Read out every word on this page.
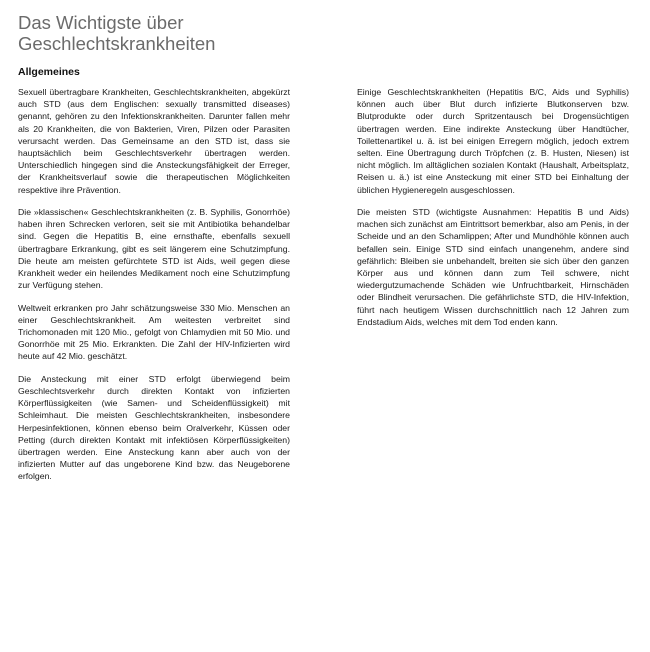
Das Wichtigste über
Geschlechtskrankheiten
Allgemeines

Sexuell übertragbare Krankheiten, Geschlechtskrankheiten, abgekürzt auch STD (aus dem Englischen: sexually transmitted diseases) genannt, gehören zu den Infektionskrankheiten. Darunter fallen mehr als 20 Krankheiten, die von Bakterien, Viren, Pilzen oder Parasiten verursacht werden. Das Gemeinsame an den STD ist, dass sie hauptsächlich beim Geschlechtsverkehr übertragen werden. Unterschiedlich hingegen sind die Ansteckungsfähigkeit der Erreger, der Krankheitsverlauf sowie die therapeutischen Möglichkeiten respektive ihre Prävention.

Die »klassischen« Geschlechtskrankheiten (z. B. Syphilis, Gonorrhöe) haben ihren Schrecken verloren, seit sie mit Antibiotika behandelbar sind. Gegen die Hepatitis B, eine ernsthafte, ebenfalls sexuell übertragbare Erkrankung, gibt es seit längerem eine Schutzimpfung. Die heute am meisten gefürchtete STD ist Aids, weil gegen diese Krankheit weder ein heilendes Medikament noch eine Schutzimpfung zur Verfügung stehen.

Weltweit erkranken pro Jahr schätzungsweise 330 Mio. Menschen an einer Geschlechtskrankheit. Am weitesten verbreitet sind Trichomonaden mit 120 Mio., gefolgt von Chlamydien mit 50 Mio. und Gonorrhöe mit 25 Mio. Erkrankten. Die Zahl der HIV-Infizierten wird heute auf 42 Mio. geschätzt.

Die Ansteckung mit einer STD erfolgt überwiegend beim Geschlechtsverkehr durch direkten Kontakt von infizierten Körperflüssigkeiten (wie Samen- und Scheidenflüssigkeit) mit Schleimhaut. Die meisten Geschlechtskrankheiten, insbesondere Herpesinfektionen, können ebenso beim Oralverkehr, Küssen oder Petting (durch direkten Kontakt mit infektiösen Körperflüssigkeiten) übertragen werden. Eine Ansteckung kann aber auch von der infizierten Mutter auf das ungeborene Kind bzw. das Neugeborene erfolgen.

Einige Geschlechtskrankheiten (Hepatitis B/C, Aids und Syphilis) können auch über Blut durch infizierte Blutkonserven bzw. Blutprodukte oder durch Spritzentausch bei Drogensüchtigen übertragen werden. Eine indirekte Ansteckung über Handtücher, Toilettenartikel u. ä. ist bei einigen Erregern möglich, jedoch extrem selten. Eine Übertragung durch Tröpfchen (z. B. Husten, Niesen) ist nicht möglich. Im alltäglichen sozialen Kontakt (Haushalt, Arbeitsplatz, Reisen u. ä.) ist eine Ansteckung mit einer STD bei Einhaltung der üblichen Hygieneregeln ausgeschlossen.

Die meisten STD (wichtigste Ausnahmen: Hepatitis B und Aids) machen sich zunächst am Eintrittsort bemerkbar, also am Penis, in der Scheide und an den Schamlippen; After und Mundhöhle können auch befallen sein. Einige STD sind einfach unangenehm, andere sind gefährlich: Bleiben sie unbehandelt, breiten sie sich über den ganzen Körper aus und können dann zum Teil schwere, nicht wiedergutzumachende Schäden wie Unfruchtbarkeit, Hirnschäden oder Blindheit verursachen. Die gefährlichste STD, die HIV-Infektion, führt nach heutigem Wissen durchschnittlich nach 12 Jahren zum Endstadium Aids, welches mit dem Tod enden kann.
